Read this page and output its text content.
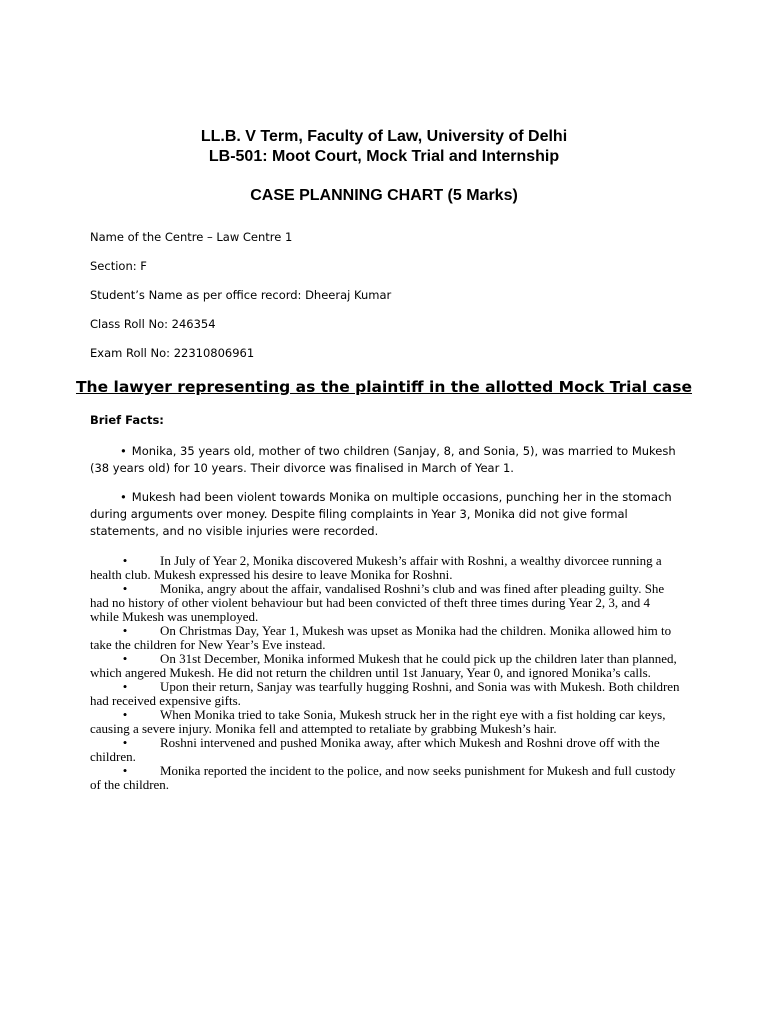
LL.B. V Term, Faculty of Law, University of Delhi
LB-501: Moot Court, Mock Trial and Internship
CASE PLANNING CHART (5 Marks)
Name of the Centre – Law Centre 1
Section: F
Student’s Name as per office record: Dheeraj Kumar
Class Roll No: 246354
Exam Roll No: 22310806961
The lawyer representing as the plaintiff in the allotted Mock Trial case
Brief Facts:
• Monika, 35 years old, mother of two children (Sanjay, 8, and Sonia, 5), was married to Mukesh (38 years old) for 10 years. Their divorce was finalised in March of Year 1.
• Mukesh had been violent towards Monika on multiple occasions, punching her in the stomach during arguments over money. Despite filing complaints in Year 3, Monika did not give formal statements, and no visible injuries were recorded.
•	In July of Year 2, Monika discovered Mukesh’s affair with Roshni, a wealthy divorcee running a health club. Mukesh expressed his desire to leave Monika for Roshni.
•	Monika, angry about the affair, vandalised Roshni’s club and was fined after pleading guilty. She had no history of other violent behaviour but had been convicted of theft three times during Year 2, 3, and 4 while Mukesh was unemployed.
•	On Christmas Day, Year 1, Mukesh was upset as Monika had the children. Monika allowed him to take the children for New Year’s Eve instead.
•	On 31st December, Monika informed Mukesh that he could pick up the children later than planned, which angered Mukesh. He did not return the children until 1st January, Year 0, and ignored Monika’s calls.
•	Upon their return, Sanjay was tearfully hugging Roshni, and Sonia was with Mukesh. Both children had received expensive gifts.
•	When Monika tried to take Sonia, Mukesh struck her in the right eye with a fist holding car keys, causing a severe injury. Monika fell and attempted to retaliate by grabbing Mukesh’s hair.
•	Roshni intervened and pushed Monika away, after which Mukesh and Roshni drove off with the children.
•	Monika reported the incident to the police, and now seeks punishment for Mukesh and full custody of the children.
